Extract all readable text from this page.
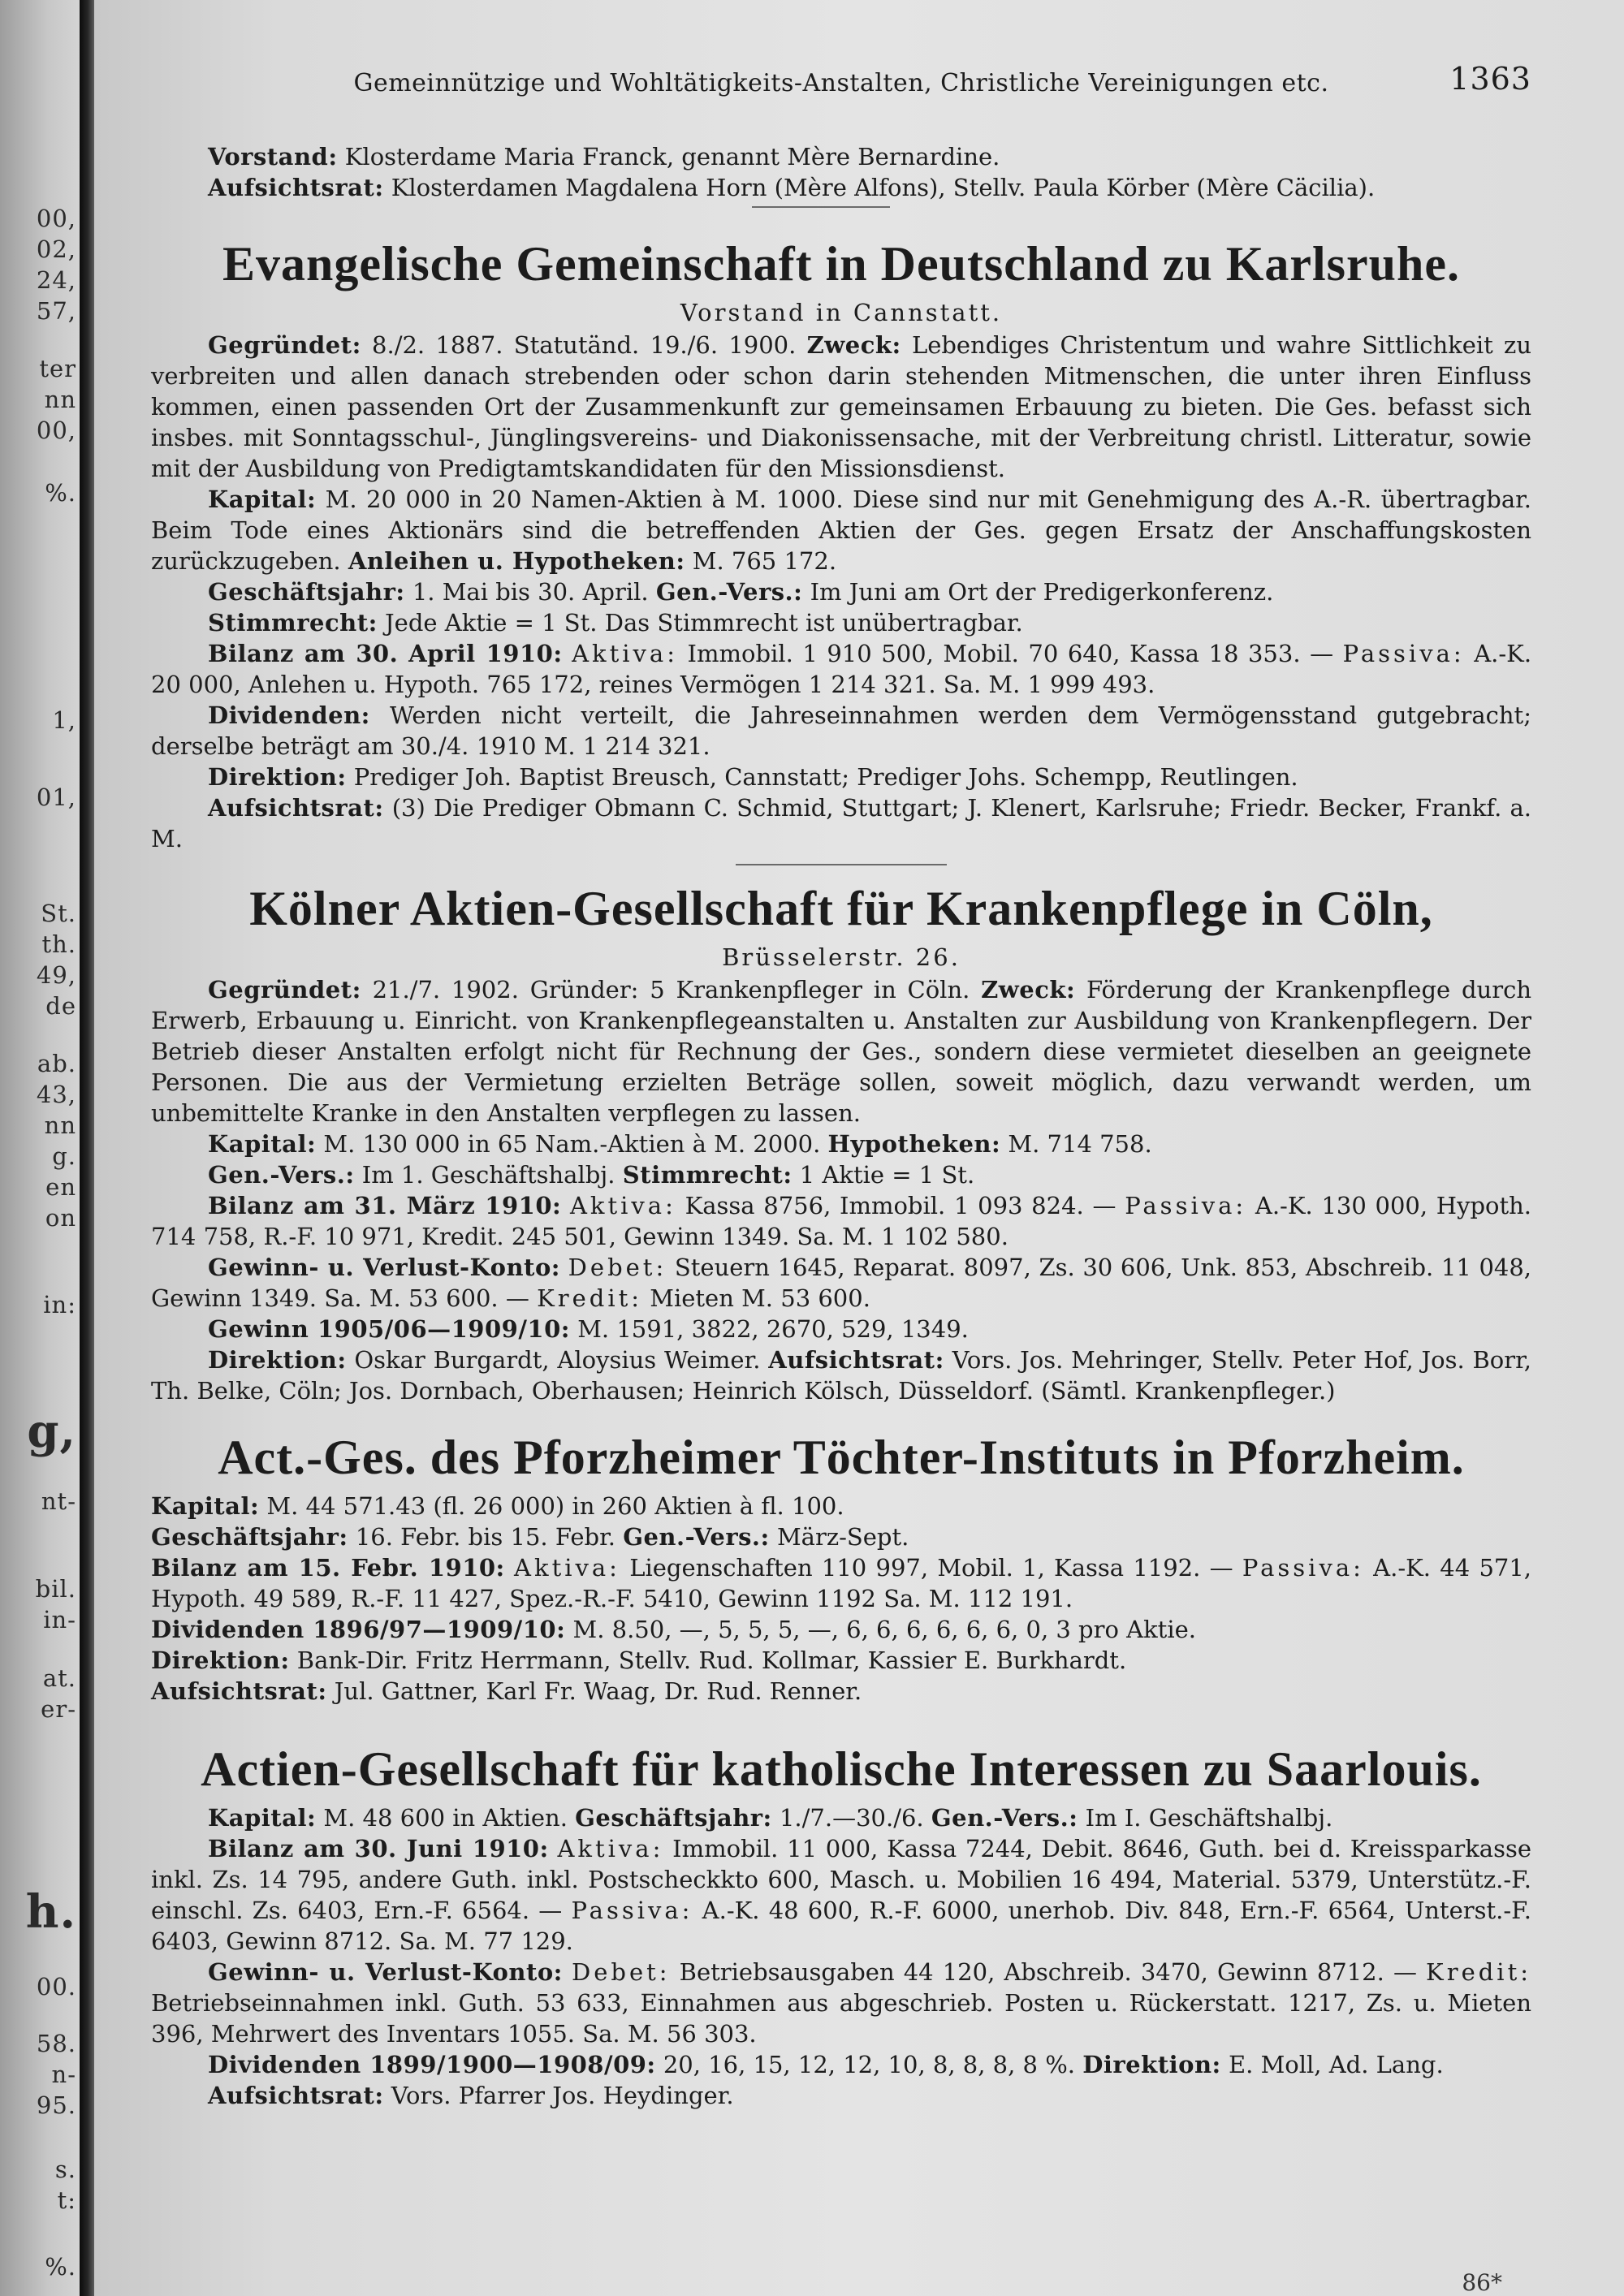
00,
02,
24,
57,
ter
nn
00,
%.
1,
01,
St.
th.
49,
de
ab.
43,
nn
g.
en
on
in:
g,
nt-
bil.
in-
at.
er-
h.
00.
58.
n-
95.
s.
t:
%.
Gemeinnützige und Wohltätigkeits-Anstalten, Christliche Vereinigungen etc.	1363

Vorstand: Klosterdame Maria Franck, genannt Mère Bernardine.

Aufsichtsrat: Klosterdamen Magdalena Horn (Mère Alfons), Stellv. Paula Körber (Mère Cäcilia).

Evangelische Gemeinschaft in Deutschland zu Karlsruhe.
Vorstand in Cannstatt.

Gegründet: 8./2. 1887. Statutänd. 19./6. 1900. Zweck: Lebendiges Christentum und wahre Sittlichkeit zu verbreiten und allen danach strebenden oder schon darin stehenden Mitmenschen, die unter ihren Einfluss kommen, einen passenden Ort der Zusammenkunft zur gemeinsamen Erbauung zu bieten. Die Ges. befasst sich insbes. mit Sonntagsschul-, Jünglingsvereins- und Diakonissensache, mit der Verbreitung christl. Litteratur, sowie mit der Ausbildung von Predigtamtskandidaten für den Missionsdienst.

Kapital: M. 20 000 in 20 Namen-Aktien à M. 1000. Diese sind nur mit Genehmigung des A.-R. übertragbar. Beim Tode eines Aktionärs sind die betreffenden Aktien der Ges. gegen Ersatz der Anschaffungskosten zurückzugeben. Anleihen u. Hypotheken: M. 765 172.

Geschäftsjahr: 1. Mai bis 30. April. Gen.-Vers.: Im Juni am Ort der Predigerkonferenz.

Stimmrecht: Jede Aktie = 1 St. Das Stimmrecht ist unübertragbar.

Bilanz am 30. April 1910: Aktiva: Immobil. 1 910 500, Mobil. 70 640, Kassa 18 353. — Passiva: A.-K. 20 000, Anlehen u. Hypoth. 765 172, reines Vermögen 1 214 321. Sa. M. 1 999 493.

Dividenden: Werden nicht verteilt, die Jahreseinnahmen werden dem Vermögensstand gutgebracht; derselbe beträgt am 30./4. 1910 M. 1 214 321.

Direktion: Prediger Joh. Baptist Breusch, Cannstatt; Prediger Johs. Schempp, Reutlingen.

Aufsichtsrat: (3) Die Prediger Obmann C. Schmid, Stuttgart; J. Klenert, Karlsruhe; Friedr. Becker, Frankf. a. M.

Kölner Aktien-Gesellschaft für Krankenpflege in Cöln,
Brüsselerstr. 26.

Gegründet: 21./7. 1902. Gründer: 5 Krankenpfleger in Cöln. Zweck: Förderung der Krankenpflege durch Erwerb, Erbauung u. Einricht. von Krankenpflegeanstalten u. Anstalten zur Ausbildung von Krankenpflegern. Der Betrieb dieser Anstalten erfolgt nicht für Rechnung der Ges., sondern diese vermietet dieselben an geeignete Personen. Die aus der Vermietung erzielten Beträge sollen, soweit möglich, dazu verwandt werden, um unbemittelte Kranke in den Anstalten verpflegen zu lassen.

Kapital: M. 130 000 in 65 Nam.-Aktien à M. 2000. Hypotheken: M. 714 758.

Gen.-Vers.: Im 1. Geschäftshalbj. Stimmrecht: 1 Aktie = 1 St.

Bilanz am 31. März 1910: Aktiva: Kassa 8756, Immobil. 1 093 824. — Passiva: A.-K. 130 000, Hypoth. 714 758, R.-F. 10 971, Kredit. 245 501, Gewinn 1349. Sa. M. 1 102 580.

Gewinn- u. Verlust-Konto: Debet: Steuern 1645, Reparat. 8097, Zs. 30 606, Unk. 853, Abschreib. 11 048, Gewinn 1349. Sa. M. 53 600. — Kredit: Mieten M. 53 600.

Gewinn 1905/06—1909/10: M. 1591, 3822, 2670, 529, 1349.

Direktion: Oskar Burgardt, Aloysius Weimer. Aufsichtsrat: Vors. Jos. Mehringer, Stellv. Peter Hof, Jos. Borr, Th. Belke, Cöln; Jos. Dornbach, Oberhausen; Heinrich Kölsch, Düsseldorf. (Sämtl. Krankenpfleger.)

Act.-Ges. des Pforzheimer Töchter-Instituts in Pforzheim.

Kapital: M. 44 571.43 (fl. 26 000) in 260 Aktien à fl. 100.

Geschäftsjahr: 16. Febr. bis 15. Febr. Gen.-Vers.: März-Sept.

Bilanz am 15. Febr. 1910: Aktiva: Liegenschaften 110 997, Mobil. 1, Kassa 1192. — Passiva: A.-K. 44 571, Hypoth. 49 589, R.-F. 11 427, Spez.-R.-F. 5410, Gewinn 1192 Sa. M. 112 191.

Dividenden 1896/97—1909/10: M. 8.50, —, 5, 5, 5, —, 6, 6, 6, 6, 6, 6, 0, 3 pro Aktie.

Direktion: Bank-Dir. Fritz Herrmann, Stellv. Rud. Kollmar, Kassier E. Burkhardt.

Aufsichtsrat: Jul. Gattner, Karl Fr. Waag, Dr. Rud. Renner.

Actien-Gesellschaft für katholische Interessen zu Saarlouis.

Kapital: M. 48 600 in Aktien. Geschäftsjahr: 1./7.—30./6. Gen.-Vers.: Im I. Geschäftshalbj.

Bilanz am 30. Juni 1910: Aktiva: Immobil. 11 000, Kassa 7244, Debit. 8646, Guth. bei d. Kreissparkasse inkl. Zs. 14 795, andere Guth. inkl. Postscheckkto 600, Masch. u. Mobilien 16 494, Material. 5379, Unterstütz.-F. einschl. Zs. 6403, Ern.-F. 6564. — Passiva: A.-K. 48 600, R.-F. 6000, unerhob. Div. 848, Ern.-F. 6564, Unterst.-F. 6403, Gewinn 8712. Sa. M. 77 129.

Gewinn- u. Verlust-Konto: Debet: Betriebsausgaben 44 120, Abschreib. 3470, Gewinn 8712. — Kredit: Betriebseinnahmen inkl. Guth. 53 633, Einnahmen aus abgeschrieb. Posten u. Rückerstatt. 1217, Zs. u. Mieten 396, Mehrwert des Inventars 1055. Sa. M. 56 303.

Dividenden 1899/1900—1908/09: 20, 16, 15, 12, 12, 10, 8, 8, 8, 8 %. Direktion: E. Moll, Ad. Lang.

Aufsichtsrat: Vors. Pfarrer Jos. Heydinger.

86*
